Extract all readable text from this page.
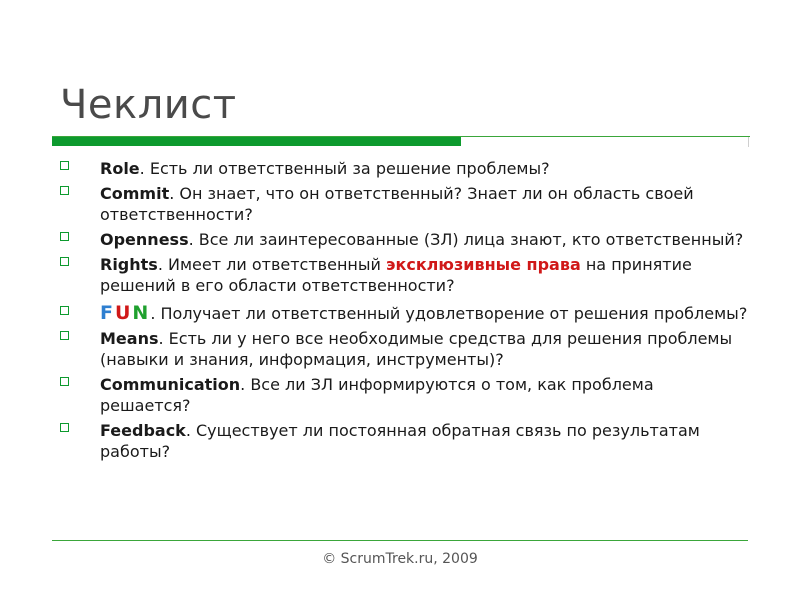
Чеклист
Role. Есть ли ответственный за решение проблемы?
Commit. Он знает, что он ответственный? Знает ли он область своей ответственности?
Openness. Все ли заинтересованные (ЗЛ) лица знают, кто ответственный?
Rights. Имеет ли ответственный эксклюзивные права на принятие решений в его области ответственности?
FUN. Получает ли ответственный удовлетворение от решения проблемы?
Means. Есть ли у него все необходимые средства для решения проблемы (навыки и знания, информация, инструменты)?
Communication. Все ли ЗЛ информируются о том, как проблема решается?
Feedback. Существует ли постоянная обратная связь по результатам работы?
© ScrumTrek.ru, 2009
